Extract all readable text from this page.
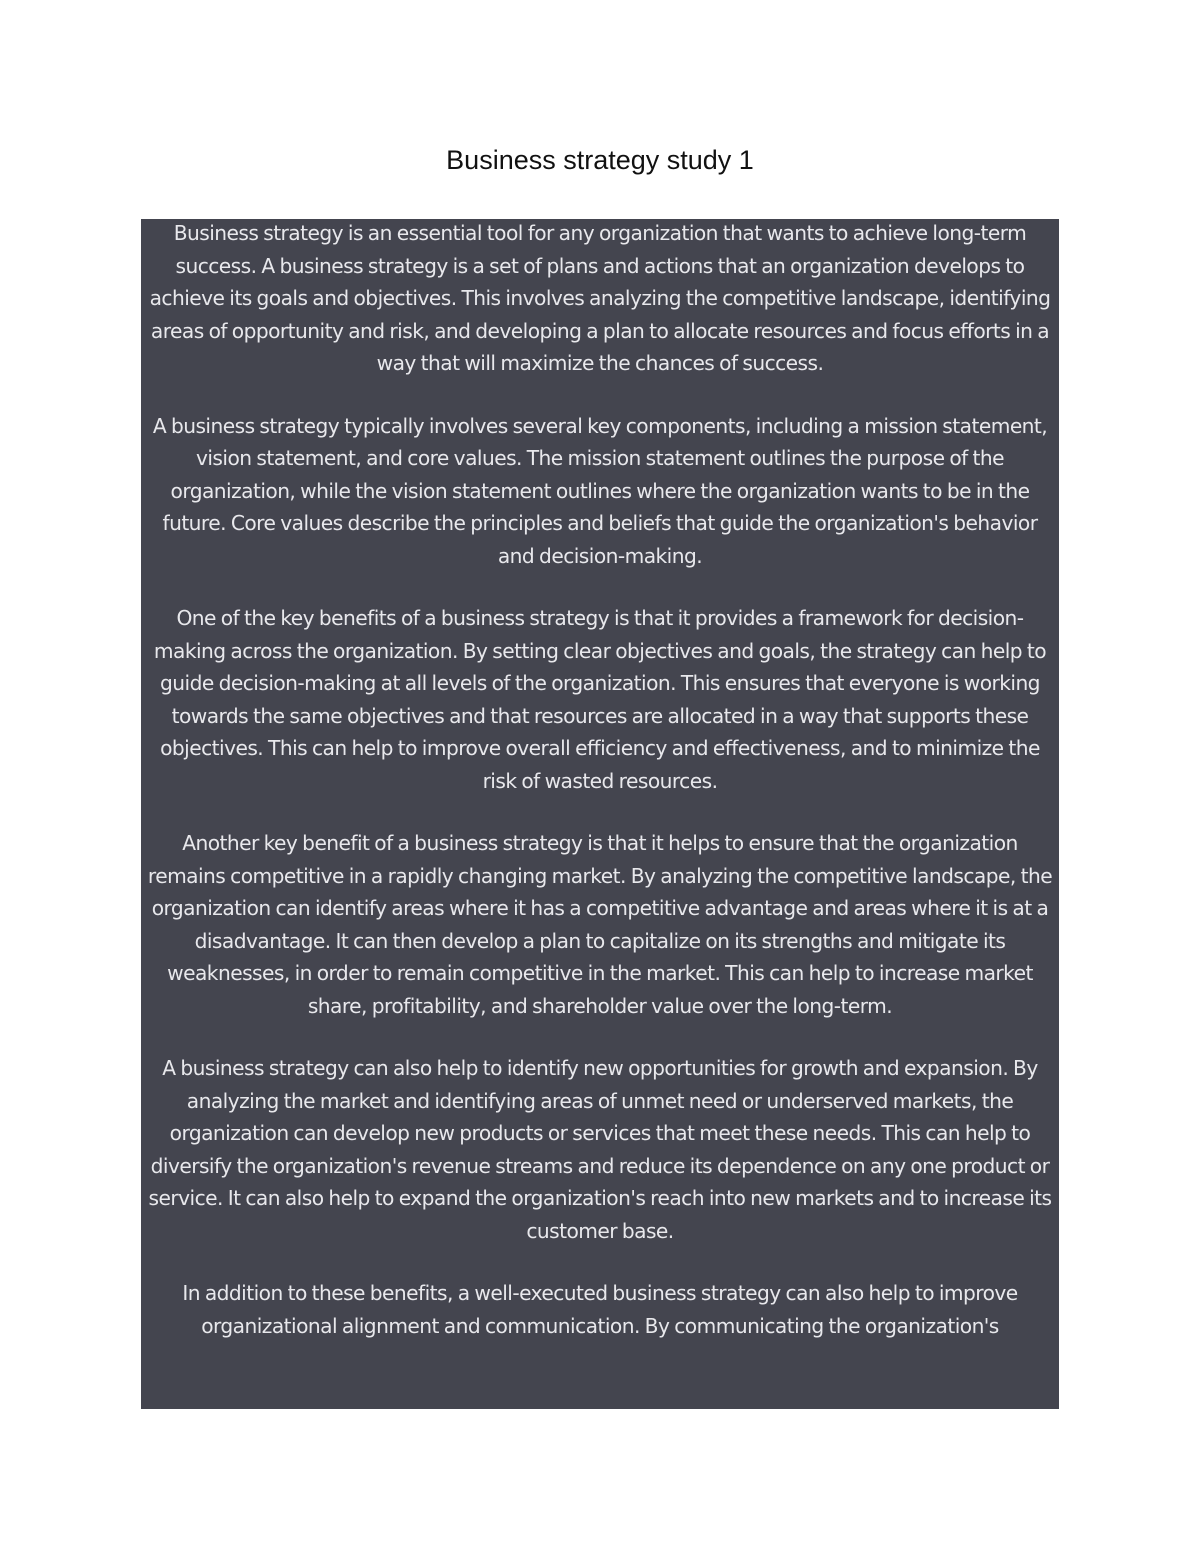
Business strategy study 1

Business strategy is an essential tool for any organization that wants to achieve long-term success. A business strategy is a set of plans and actions that an organization develops to achieve its goals and objectives. This involves analyzing the competitive landscape, identifying areas of opportunity and risk, and developing a plan to allocate resources and focus efforts in a way that will maximize the chances of success.

A business strategy typically involves several key components, including a mission statement, vision statement, and core values. The mission statement outlines the purpose of the organization, while the vision statement outlines where the organization wants to be in the future. Core values describe the principles and beliefs that guide the organization's behavior and decision-making.

One of the key benefits of a business strategy is that it provides a framework for decision-making across the organization. By setting clear objectives and goals, the strategy can help to guide decision-making at all levels of the organization. This ensures that everyone is working towards the same objectives and that resources are allocated in a way that supports these objectives. This can help to improve overall efficiency and effectiveness, and to minimize the risk of wasted resources.

Another key benefit of a business strategy is that it helps to ensure that the organization remains competitive in a rapidly changing market. By analyzing the competitive landscape, the organization can identify areas where it has a competitive advantage and areas where it is at a disadvantage. It can then develop a plan to capitalize on its strengths and mitigate its weaknesses, in order to remain competitive in the market. This can help to increase market share, profitability, and shareholder value over the long-term.

A business strategy can also help to identify new opportunities for growth and expansion. By analyzing the market and identifying areas of unmet need or underserved markets, the organization can develop new products or services that meet these needs. This can help to diversify the organization's revenue streams and reduce its dependence on any one product or service. It can also help to expand the organization's reach into new markets and to increase its customer base.

In addition to these benefits, a well-executed business strategy can also help to improve organizational alignment and communication. By communicating the organization's
